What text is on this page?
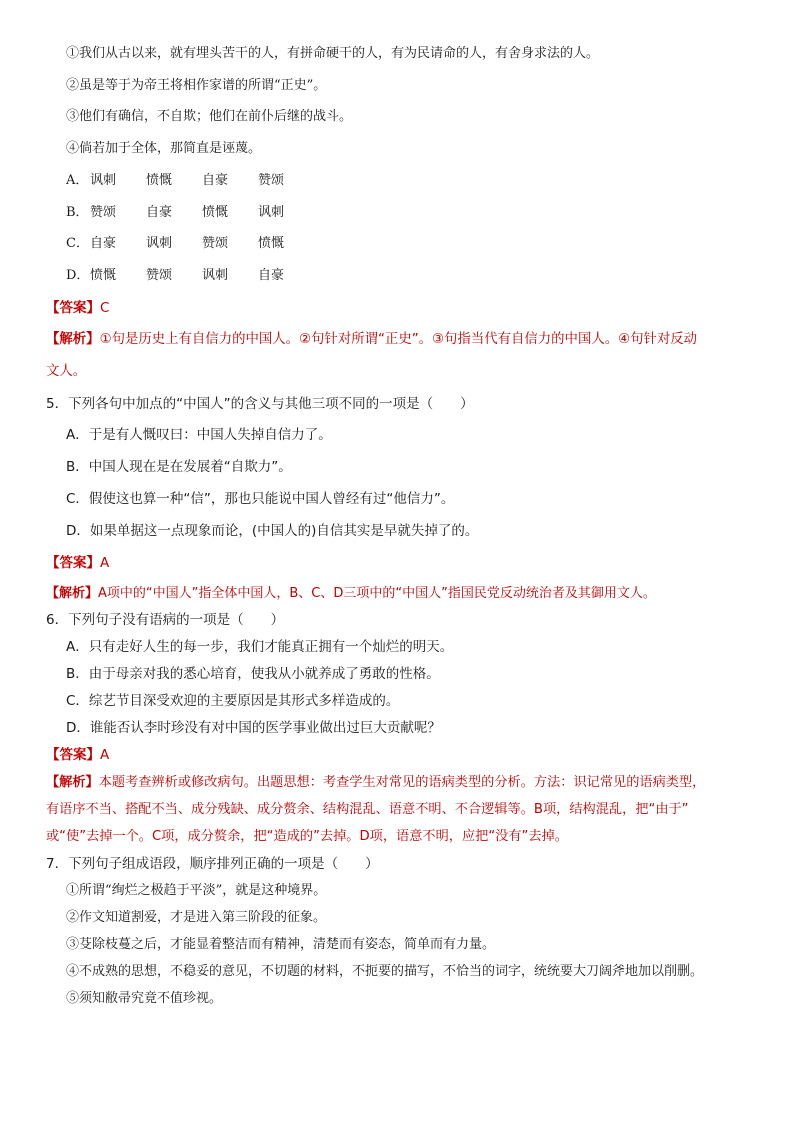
①我们从古以来，就有埋头苦干的人，有拼命硬干的人，有为民请命的人，有舍身求法的人。
②虽是等于为帝王将相作家谱的所谓“正史”。
③他们有确信，不自欺；他们在前仆后继的战斗。
④倘若加于全体，那简直是诬蔑。
A． 讽刺 愤慨 自豪 赞颂
B．赞颂 自豪 愤慨 讽刺
C．自豪 讽刺 赞颂 愤慨
D．愤慨 赞颂 讽刺 自豪
【答案】C
【解析】①句是历史上有自信力的中国人。②句针对所谓“正史”。③句指当代有自信力的中国人。④句针对反动
文人。
5．下列各句中加点的“中国人”的含义与其他三项不同的一项是（　　）
A．于是有人慨叹曰：中国人失掉自信力了。
B．中国人现在是在发展着“自欺力”。
C．假使这也算一种“信”，那也只能说中国人曾经有过“他信力”。
D．如果单据这一点现象而论，(中国人的)自信其实是早就失掉了的。
【答案】A
【解析】A项中的“中国人”指全体中国人，B、C、D三项中的“中国人”指国民党反动统治者及其御用文人。
6．下列句子没有语病的一项是（　　）
A．只有走好人生的每一步，我们才能真正拥有一个灿烂的明天。
B．由于母亲对我的悉心培育，使我从小就养成了勇敢的性格。
C．综艺节目深受欢迎的主要原因是其形式多样造成的。
D．谁能否认李时珍没有对中国的医学事业做出过巨大贡献呢？
【答案】A
【解析】本题考查辨析或修改病句。出题思想：考查学生对常见的语病类型的分析。方法：识记常见的语病类型，
有语序不当、搭配不当、成分残缺、成分赘余、结构混乱、语意不明、不合逻辑等。B项，结构混乱，把“由于”
或“使”去掉一个。C项，成分赘余，把“造成的”去掉。D项，语意不明，应把“没有”去掉。
7．下列句子组成语段，顺序排列正确的一项是（　　）
①所谓“绚烂之极趋于平淡”，就是这种境界。
②作文知道割爱，才是进入第三阶段的征象。
③芟除枝蔓之后，才能显着整洁而有精神，清楚而有姿态，简单而有力量。
④不成熟的思想，不稳妥的意见，不切题的材料，不扼要的描写，不恰当的词字，统统要大刀阔斧地加以削删。
⑤须知敝帚究竟不值珍视。
